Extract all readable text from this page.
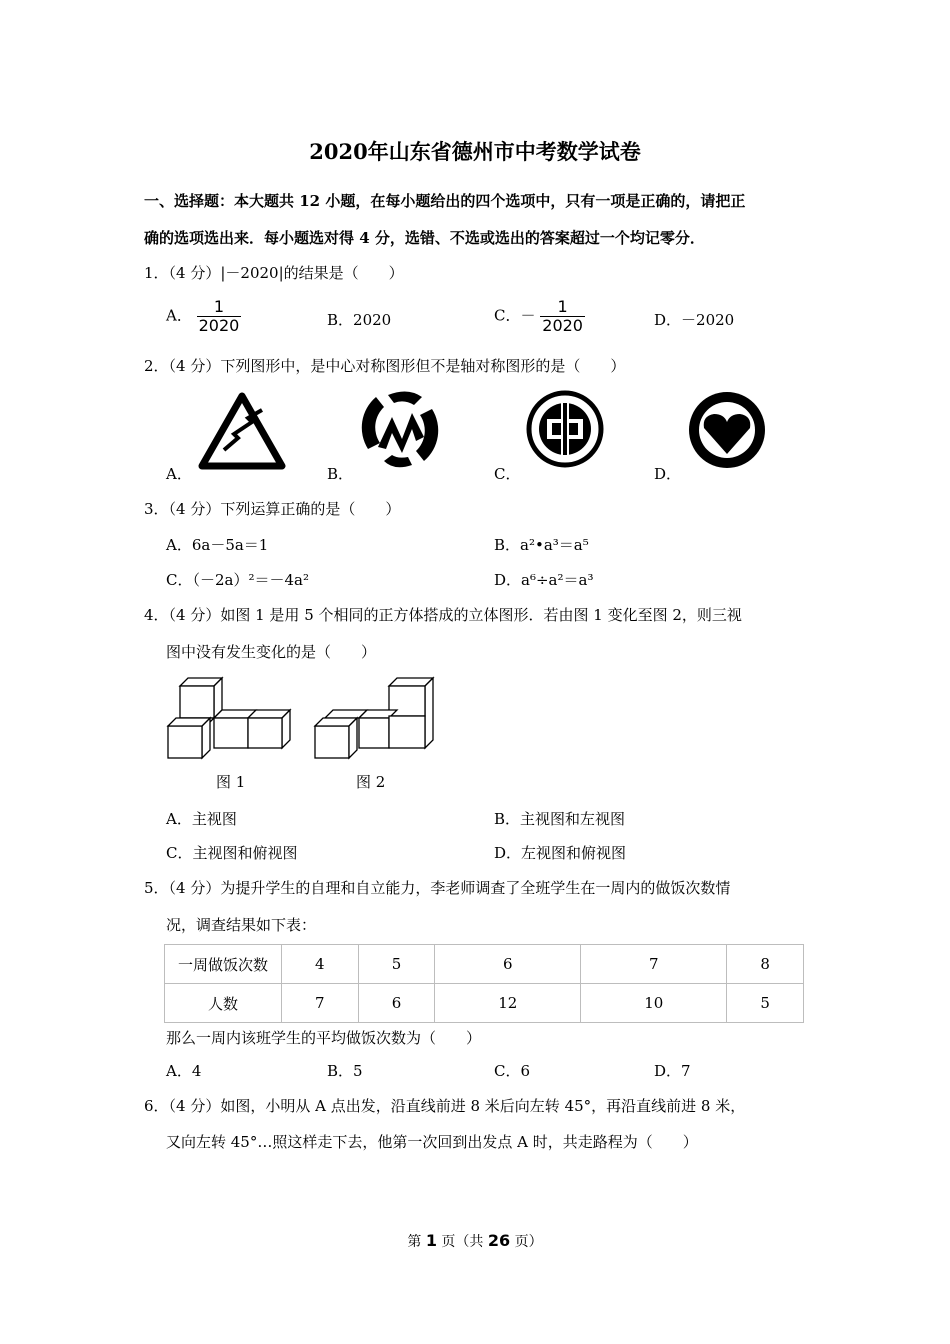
2020年山东省德州市中考数学试卷
一、选择题：本大题共 12 小题，在每小题给出的四个选项中，只有一项是正确的，请把正
确的选项选出来．每小题选对得 4 分，选错、不选或选出的答案超过一个均记零分．
1．（4 分）|－2020|的结果是（　　）
A． $\frac{1}{2020}$	B．2020	C．－ $\frac{1}{2020}$	D．－2020
2．（4 分）下列图形中，是中心对称图形但不是轴对称图形的是（　　）
A．	B．	C．	D．
3．（4 分）下列运算正确的是（　　）
A．6a－5a＝1	B．a²•a³＝a⁵
C．（－2a）²＝－4a²	D．a⁶÷a²＝a³
4．（4 分）如图 1 是用 5 个相同的正方体搭成的立体图形．若由图 1 变化至图 2，则三视
图中没有发生变化的是（　　）
图 1	图 2
A．主视图	B．主视图和左视图
C．主视图和俯视图	D．左视图和俯视图
5．（4 分）为提升学生的自理和自立能力，李老师调查了全班学生在一周内的做饭次数情
况，调查结果如下表：
一周做饭次数	4	5	6	7	8
人数	7	6	12	10	5
那么一周内该班学生的平均做饭次数为（　　）
A．4	B．5	C．6	D．7
6．（4 分）如图，小明从 A 点出发，沿直线前进 8 米后向左转 45°，再沿直线前进 8 米，
又向左转 45°…照这样走下去，他第一次回到出发点 A 时，共走路程为（　　）
第 1 页（共 26 页）
